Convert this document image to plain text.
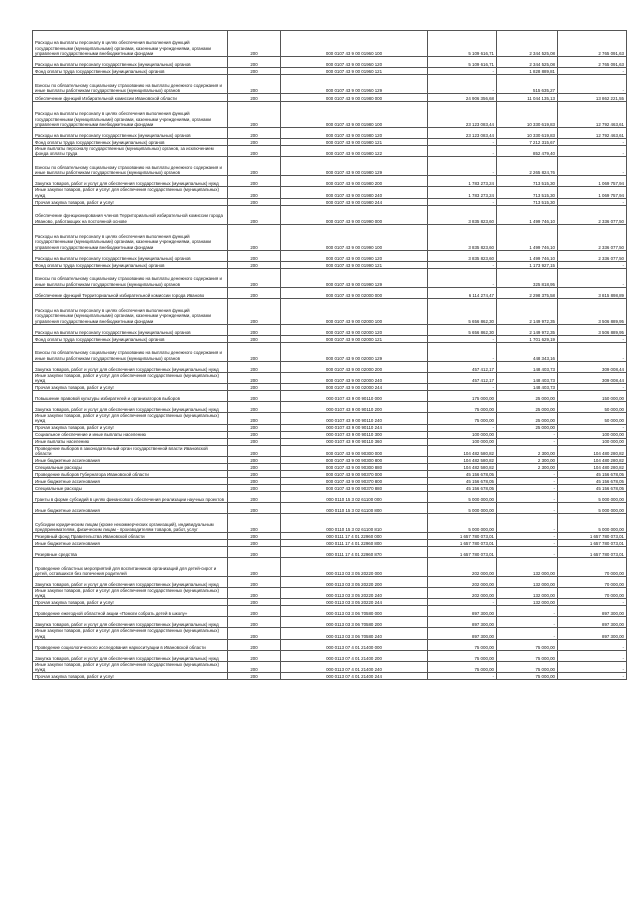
Расходы на выплаты персоналу в целях обеспечения выполнения функций государственными (муниципальными) органами, казенными учреждениями, органами управления государственными внебюджетными фондами	200	000 0107 43 9 00 01960 100	5 109 616,71	2 344 525,08	2 765 091,63
Расходы на выплаты персоналу государственных (муниципальных) органов	200	000 0107 43 9 00 01960 120	5 109 616,71	2 344 525,08	2 765 091,63
Фонд оплаты труда государственных (муниципальных) органов	200	000 0107 43 9 00 01960 121	-	1 828 889,81	-
Взносы по обязательному социальному страхованию на выплаты денежного содержания и иные выплаты работникам государственных (муниципальных) органов	200	000 0107 43 9 00 01960 129	-	515 635,27	-
Обеспечение функций Избирательной комиссии Ивановской области	200	000 0107 43 9 00 01980 000	24 906 356,68	11 044 135,13	13 862 221,55
Расходы на выплаты персоналу в целях обеспечения выполнения функций государственными (муниципальными) органами, казенными учреждениями, органами управления государственными внебюджетными фондами	200	000 0107 43 9 00 01980 100	23 123 083,44	10 330 619,83	12 792 463,61
Расходы на выплаты персоналу государственных (муниципальных) органов	200	000 0107 43 9 00 01980 120	23 123 083,44	10 330 619,83	12 792 463,61
Фонд оплаты труда государственных (муниципальных) органов	200	000 0107 43 9 00 01980 121	-	7 212 315,67	-
Иные выплаты персоналу государственных (муниципальных) органов, за исключением фонда оплаты труда	200	000 0107 43 9 00 01980 122	-	852 479,40	-
Взносы по обязательному социальному страхованию на выплаты денежного содержания и иные выплаты работникам государственных (муниципальных) органов	200	000 0107 43 9 00 01980 129	-	2 265 824,76	-
Закупка товаров, работ и услуг для обеспечения государственных (муниципальных) нужд	200	000 0107 43 9 00 01980 200	1 783 273,24	713 515,30	1 069 757,94
Иные закупки товаров, работ и услуг для обеспечения государственных (муниципальных) нужд	200	000 0107 43 9 00 01980 240	1 783 273,24	713 515,30	1 069 757,94
Прочая закупка товаров, работ и услуг	200	000 0107 43 9 00 01980 244	-	713 515,30	-
Обеспечение функционирования членов Территориальной избирательной комиссии города Иваново, работающих на постоянной основе	200	000 0107 43 9 00 01990 000	3 835 823,60	1 499 746,10	2 336 077,50
Расходы на выплаты персоналу в целях обеспечения выполнения функций государственными (муниципальными) органами, казенными учреждениями, органами управления государственными внебюджетными фондами	200	000 0107 43 9 00 01990 100	3 835 823,60	1 499 746,10	2 336 077,50
Расходы на выплаты персоналу государственных (муниципальных) органов	200	000 0107 43 9 00 01990 120	3 835 823,60	1 499 746,10	2 336 077,50
Фонд оплаты труда государственных (муниципальных) органов	200	000 0107 43 9 00 01990 121	-	1 173 927,15	-
Взносы по обязательному социальному страхованию на выплаты денежного содержания и иные выплаты работникам государственных (муниципальных) органов	200	000 0107 43 9 00 01990 129	-	325 818,95	-
Обеспечение функций Территориальной избирательной комиссии города Иваново	200	000 0107 43 9 00 02000 000	6 114 274,47	2 298 375,58	3 815 898,89
Расходы на выплаты персоналу в целях обеспечения выполнения функций государственными (муниципальными) органами, казенными учреждениями, органами управления государственными внебюджетными фондами	200	000 0107 43 9 00 02000 100	5 656 862,30	2 149 972,35	3 506 889,95
Расходы на выплаты персоналу государственных (муниципальных) органов	200	000 0107 43 9 00 02000 120	5 656 862,30	2 149 972,35	3 506 889,95
Фонд оплаты труда государственных (муниципальных) органов	200	000 0107 43 9 00 02000 121	-	1 701 629,19	-
Взносы по обязательному социальному страхованию на выплаты денежного содержания и иные выплаты работникам государственных (муниципальных) органов	200	000 0107 43 9 00 02000 129	-	448 343,16	-
Закупка товаров, работ и услуг для обеспечения государственных (муниципальных) нужд	200	000 0107 43 9 00 02000 200	457 412,17	148 403,73	309 008,44
Иные закупки товаров, работ и услуг для обеспечения государственных (муниципальных) нужд	200	000 0107 43 9 00 02000 240	457 412,17	148 403,73	309 008,44
Прочая закупка товаров, работ и услуг	200	000 0107 43 9 00 02000 244	-	148 403,73	-
Повышение правовой культуры избирателей и организаторов выборов	200	000 0107 43 9 00 90110 000	175 000,00	25 000,00	150 000,00
Закупка товаров, работ и услуг для обеспечения государственных (муниципальных) нужд	200	000 0107 43 9 00 90110 200	75 000,00	25 000,00	50 000,00
Иные закупки товаров, работ и услуг для обеспечения государственных (муниципальных) нужд	200	000 0107 43 9 00 90110 240	75 000,00	25 000,00	50 000,00
Прочая закупка товаров, работ и услуг	200	000 0107 43 9 00 90110 244	-	25 000,00	-
Социальное обеспечение и иные выплаты населению	200	000 0107 43 9 00 90110 300	100 000,00	-	100 000,00
Иные выплаты населению	200	000 0107 43 9 00 90110 360	100 000,00	-	100 000,00
Проведение выборов в законодательный орган государственной власти Ивановской области	200	000 0107 43 9 00 90300 000	104 482 580,82	2 300,00	104 480 280,82
Иные бюджетные ассигнования	200	000 0107 43 9 00 90300 800	104 482 580,82	2 300,00	104 480 280,82
Специальные расходы	200	000 0107 43 9 00 90300 880	104 482 580,82	2 300,00	104 480 280,82
Проведение выборов Губернатора Ивановской области	200	000 0107 43 9 00 90370 000	45 156 678,05	-	45 156 678,05
Иные бюджетные ассигнования	200	000 0107 43 9 00 90370 800	45 156 678,05	-	45 156 678,05
Специальные расходы	200	000 0107 43 9 00 90370 880	45 156 678,05	-	45 156 678,05
Гранты в форме субсидий в целях финансового обеспечения реализации научных проектов	200	000 0110 15 3 02 61100 000	5 000 000,00	-	5 000 000,00
Иные бюджетные ассигнования	200	000 0110 15 3 02 61100 800	5 000 000,00	-	5 000 000,00
Субсидии юридическим лицам (кроме некоммерческих организаций), индивидуальным предпринимателям, физическим лицам - производителям товаров, работ, услуг	200	000 0110 15 3 02 61100 810	5 000 000,00	-	5 000 000,00
Резервный фонд Правительства Ивановской области	200	000 0111 17 4 01 22960 000	1 657 780 073,01	-	1 657 780 073,01
Иные бюджетные ассигнования	200	000 0111 17 4 01 22960 800	1 657 780 073,01	-	1 657 780 073,01
Резервные средства	200	000 0111 17 4 01 22960 870	1 657 780 073,01	-	1 657 780 073,01
Проведение областных мероприятий для воспитанников организаций для детей-сирот и детей, оставшихся без попечения родителей	200	000 0113 03 3 05 20220 000	202 000,00	132 000,00	70 000,00
Закупка товаров, работ и услуг для обеспечения государственных (муниципальных) нужд	200	000 0113 03 3 05 20220 200	202 000,00	132 000,00	70 000,00
Иные закупки товаров, работ и услуг для обеспечения государственных (муниципальных) нужд	200	000 0113 03 3 05 20220 240	202 000,00	132 000,00	70 000,00
Прочая закупка товаров, работ и услуг	200	000 0113 03 3 05 20220 244	-	132 000,00	-
Проведение ежегодной областной акции «Помоги собрать детей в школу»	200	000 0113 03 3 06 70580 000	897 300,00	-	897 300,00
Закупка товаров, работ и услуг для обеспечения государственных (муниципальных) нужд	200	000 0113 03 3 06 70580 200	897 300,00	-	897 300,00
Иные закупки товаров, работ и услуг для обеспечения государственных (муниципальных) нужд	200	000 0113 03 3 06 70580 240	897 300,00	-	897 300,00
Проведение социологического исследования наркоситуации в Ивановской области	200	000 0113 07 4 01 21400 000	75 000,00	75 000,00	-
Закупка товаров, работ и услуг для обеспечения государственных (муниципальных) нужд	200	000 0113 07 4 01 21400 200	75 000,00	75 000,00	-
Иные закупки товаров, работ и услуг для обеспечения государственных (муниципальных) нужд	200	000 0113 07 4 01 21400 240	75 000,00	75 000,00	-
Прочая закупка товаров, работ и услуг	200	000 0113 07 4 01 21400 244	-	75 000,00	-
